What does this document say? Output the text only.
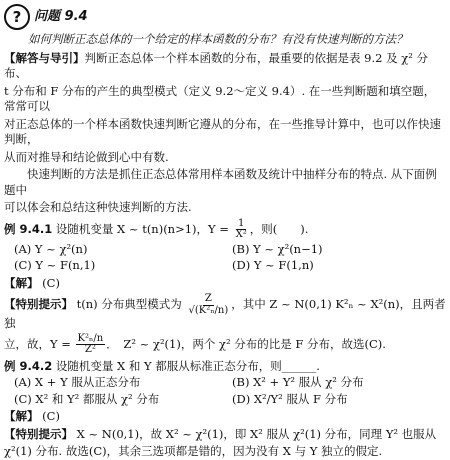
? 问题 9.4
如何判断正态总体的一个给定的样本函数的分布？有没有快速判断的方法？
【解答与导引】判断正态总体一个样本函数的分布，最重要的依据是表 9.2 及 χ² 分布、
t 分布和 F 分布的产生的典型模式（定义 9.2～定义 9.4）. 在一些判断题和填空题，常常可以
对正态总体的一个样本函数快速判断它遵从的分布，在一些推导计算中，也可以作快速判断，
从而对推导和结论做到心中有数.
快速判断的方法是抓住正态总体常用样本函数及统计中抽样分布的特点. 从下面例题中
可以体会和总结这种快速判断的方法.
例 9.4.1 设随机变量 X ~ t(n)(n>1)，$Y = \frac{1}{\text{X²}}$ ，则(　　).
(A) Y ~ χ²(n)	(B) Y ~ χ²(n−1)
(C) Y ~ F(n,1)	(D) Y ~ F(1,n)
【解】 (C)
【特别提示】 t(n) 分布典型模式为 $\frac{Z}{\text{√(K²ₙ/n)}}$ ，其中 Z ~ N(0,1) K²ₙ ~ X²(n)，且两者独
立，故，$Y = \frac{\text{K²ₙ/n}}{\text{Z²}}$ ．　Z² ~ χ²(1)，两个 χ² 分布的比是 F 分布，故选(C).
例 9.4.2 设随机变量 X 和 Y 都服从标准正态分布，则______.
(A) X + Y 服从正态分布	(B) X² + Y² 服从 χ² 分布
(C) X² 和 Y² 都服从 χ² 分布	(D) X²/Y² 服从 F 分布
【解】 (C)
【特别提示】 X ~ N(0,1)，故 X² ~ χ²(1)，即 X² 服从 χ²(1) 分布，同理 Y² 也服从
χ²(1) 分布. 故选(C)，其余三选项都是错的，因为没有 X 与 Y 独立的假定.
